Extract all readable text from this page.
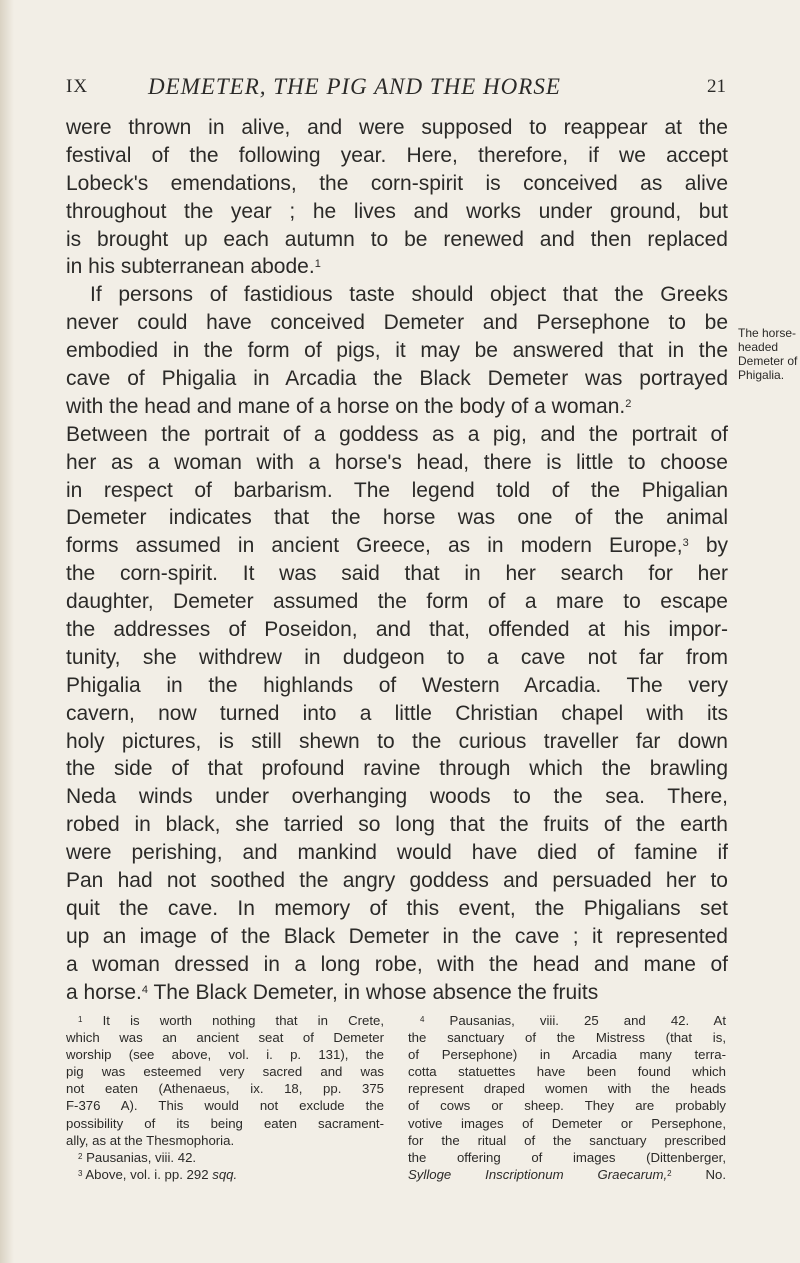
IX	DEMETER, THE PIG AND THE HORSE	21
were thrown in alive, and were supposed to reappear at the
festival of the following year. Here, therefore, if we accept
Lobeck's emendations, the corn-spirit is conceived as alive
throughout the year ; he lives and works under ground, but
is brought up each autumn to be renewed and then replaced
in his subterranean abode.$^1$
If persons of fastidious taste should object that the Greeks
never could have conceived Demeter and Persephone to be
embodied in the form of pigs, it may be answered that in the
cave of Phigalia in Arcadia the Black Demeter was portrayed
with the head and mane of a horse on the body of a woman.$^2$
Between the portrait of a goddess as a pig, and the portrait of
her as a woman with a horse's head, there is little to choose
in respect of barbarism. The legend told of the Phigalian
Demeter indicates that the horse was one of the animal
forms assumed in ancient Greece, as in modern Europe,$^3$ by
the corn-spirit. It was said that in her search for her
daughter, Demeter assumed the form of a mare to escape
the addresses of Poseidon, and that, offended at his impor-
tunity, she withdrew in dudgeon to a cave not far from
Phigalia in the highlands of Western Arcadia. The very
cavern, now turned into a little Christian chapel with its
holy pictures, is still shewn to the curious traveller far down
the side of that profound ravine through which the brawling
Neda winds under overhanging woods to the sea. There,
robed in black, she tarried so long that the fruits of the earth
were perishing, and mankind would have died of famine if
Pan had not soothed the angry goddess and persuaded her to
quit the cave. In memory of this event, the Phigalians set
up an image of the Black Demeter in the cave ; it represented
a woman dressed in a long robe, with the head and mane of
a horse.$^4$ The Black Demeter, in whose absence the fruits
The horse-
headed
Demeter of
Phigalia.
$^1$ It is worth nothing that in Crete,
which was an ancient seat of Demeter
worship (see above, vol. i. p. 131), the
pig was esteemed very sacred and was
not eaten (Athenaeus, ix. 18, pp. 375
F-376 A). This would not exclude the
possibility of its being eaten sacrament-
ally, as at the Thesmophoria.
$^2$ Pausanias, viii. 42.
$^3$ Above, vol. i. pp. 292 sqq.
$^4$ Pausanias, viii. 25 and 42. At
the sanctuary of the Mistress (that is,
of Persephone) in Arcadia many terra-
cotta statuettes have been found which
represent draped women with the heads
of cows or sheep. They are probably
votive images of Demeter or Persephone,
for the ritual of the sanctuary prescribed
the offering of images (Dittenberger,
Sylloge Inscriptionum Graecarum,$^2$	No.
